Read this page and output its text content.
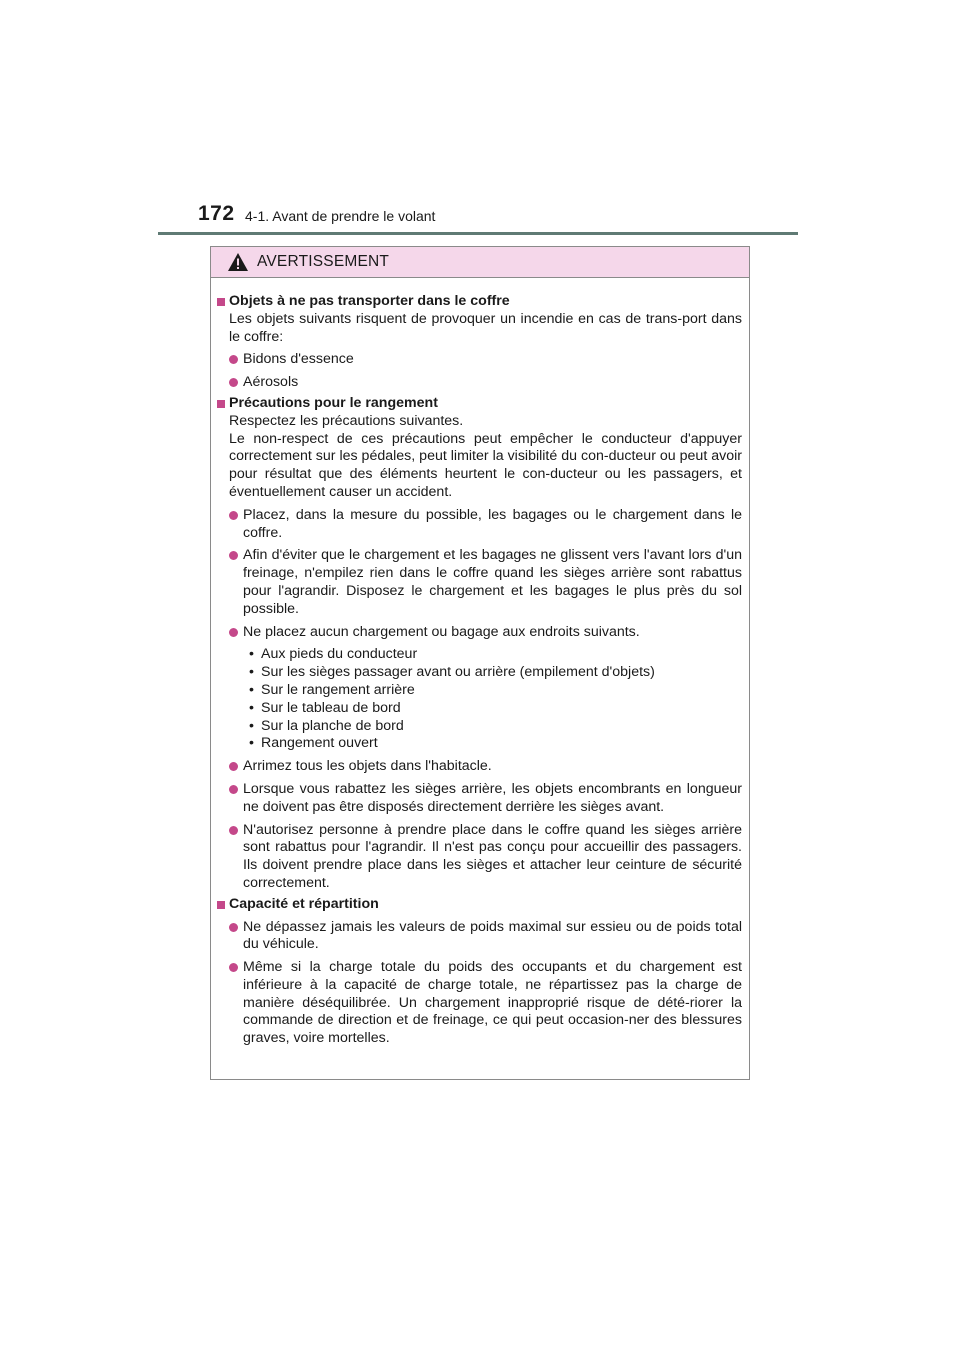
172 4-1. Avant de prendre le volant
AVERTISSEMENT
Objets à ne pas transporter dans le coffre
Les objets suivants risquent de provoquer un incendie en cas de trans-port dans le coffre:
Bidons d'essence
Aérosols
Précautions pour le rangement
Respectez les précautions suivantes.
Le non-respect de ces précautions peut empêcher le conducteur d'appuyer correctement sur les pédales, peut limiter la visibilité du con-ducteur ou peut avoir pour résultat que des éléments heurtent le con-ducteur ou les passagers, et éventuellement causer un accident.
Placez, dans la mesure du possible, les bagages ou le chargement dans le coffre.
Afin d'éviter que le chargement et les bagages ne glissent vers l'avant lors d'un freinage, n'empilez rien dans le coffre quand les sièges arrière sont rabattus pour l'agrandir. Disposez le chargement et les bagages le plus près du sol possible.
Ne placez aucun chargement ou bagage aux endroits suivants.
• Aux pieds du conducteur
• Sur les sièges passager avant ou arrière (empilement d'objets)
• Sur le rangement arrière
• Sur le tableau de bord
• Sur la planche de bord
• Rangement ouvert
Arrimez tous les objets dans l'habitacle.
Lorsque vous rabattez les sièges arrière, les objets encombrants en longueur ne doivent pas être disposés directement derrière les sièges avant.
N'autorisez personne à prendre place dans le coffre quand les sièges arrière sont rabattus pour l'agrandir. Il n'est pas conçu pour accueillir des passagers. Ils doivent prendre place dans les sièges et attacher leur ceinture de sécurité correctement.
Capacité et répartition
Ne dépassez jamais les valeurs de poids maximal sur essieu ou de poids total du véhicule.
Même si la charge totale du poids des occupants et du chargement est inférieure à la capacité de charge totale, ne répartissez pas la charge de manière déséquilibrée. Un chargement inapproprié risque de dété-riorer la commande de direction et de freinage, ce qui peut occasion-ner des blessures graves, voire mortelles.
